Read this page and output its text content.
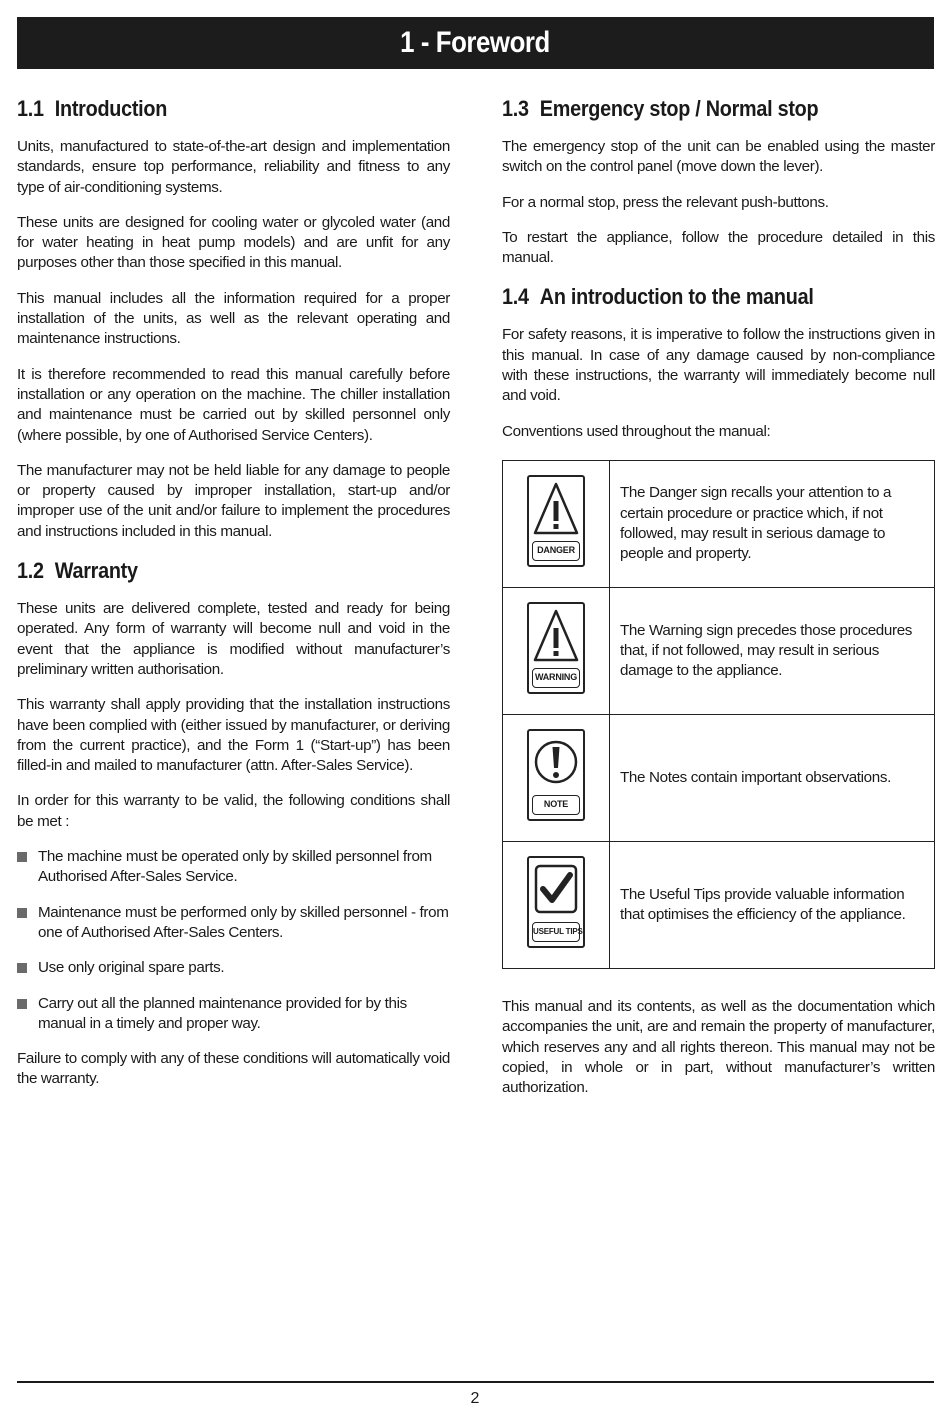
1 - Foreword
1.1 Introduction

Units, manufactured to state-of-the-art design and implementation standards, ensure top performance, reliability and fitness to any type of air-conditioning systems.

These units are designed for cooling water or glycoled water (and for water heating in heat pump models) and are unfit for any purposes other than those specified in this manual.

This manual includes all the information required for a proper installation of the units, as well as the relevant operating and maintenance instructions.

It is therefore recommended to read this manual carefully before installation or any operation on the machine. The chiller installation and maintenance must be carried out by skilled personnel only (where possible, by one of Authorised Service Centers).

The manufacturer may not be held liable for any damage to people or property caused by improper installation, start-up and/or improper use of the unit and/or failure to implement the procedures and instructions included in this manual.

1.2 Warranty

These units are delivered complete, tested and ready for being operated. Any form of warranty will become null and void in the event that the appliance is modified without manufacturer’s preliminary written authorisation.

This warranty shall apply providing that the installation instructions have been complied with (either issued by manufacturer, or deriving from the current practice), and the Form 1 (“Start-up”) has been filled-in and mailed to manufacturer (attn. After-Sales Service).

In order for this warranty to be valid, the following conditions shall be met :

The machine must be operated only by skilled personnel from Authorised After-Sales Service.
Maintenance must be performed only by skilled personnel - from one of Authorised After-Sales Centers.
Use only original spare parts.
Carry out all the planned maintenance provided for by this manual in a timely and proper way.

Failure to comply with any of these conditions will automatically void the warranty.

1.3 Emergency stop / Normal stop

The emergency stop of the unit can be enabled using the master switch on the control panel (move down the lever).

For a normal stop, press the relevant push-buttons.

To restart the appliance, follow the procedure detailed in this manual.

1.4 An introduction to the manual

For safety reasons, it is imperative to follow the instructions given in this manual. In case of any damage caused by non-compliance with these instructions, the warranty will immediately become null and void.

Conventions used throughout the manual:

DANGER	The Danger sign recalls your attention to a certain procedure or practice which, if not followed, may result in serious damage to people and property.

WARNING	The Warning sign precedes those procedures that, if not followed, may result in serious damage to the appliance.

NOTE	The Notes contain important observations.

USEFUL TIPS	The Useful Tips provide valuable information that optimises the efficiency of the appliance.

This manual and its contents, as well as the documentation which accompanies the unit, are and remain the property of manufacturer, which reserves any and all rights thereon. This manual may not be copied, in whole or in part, without manufacturer’s written authorization.

2
